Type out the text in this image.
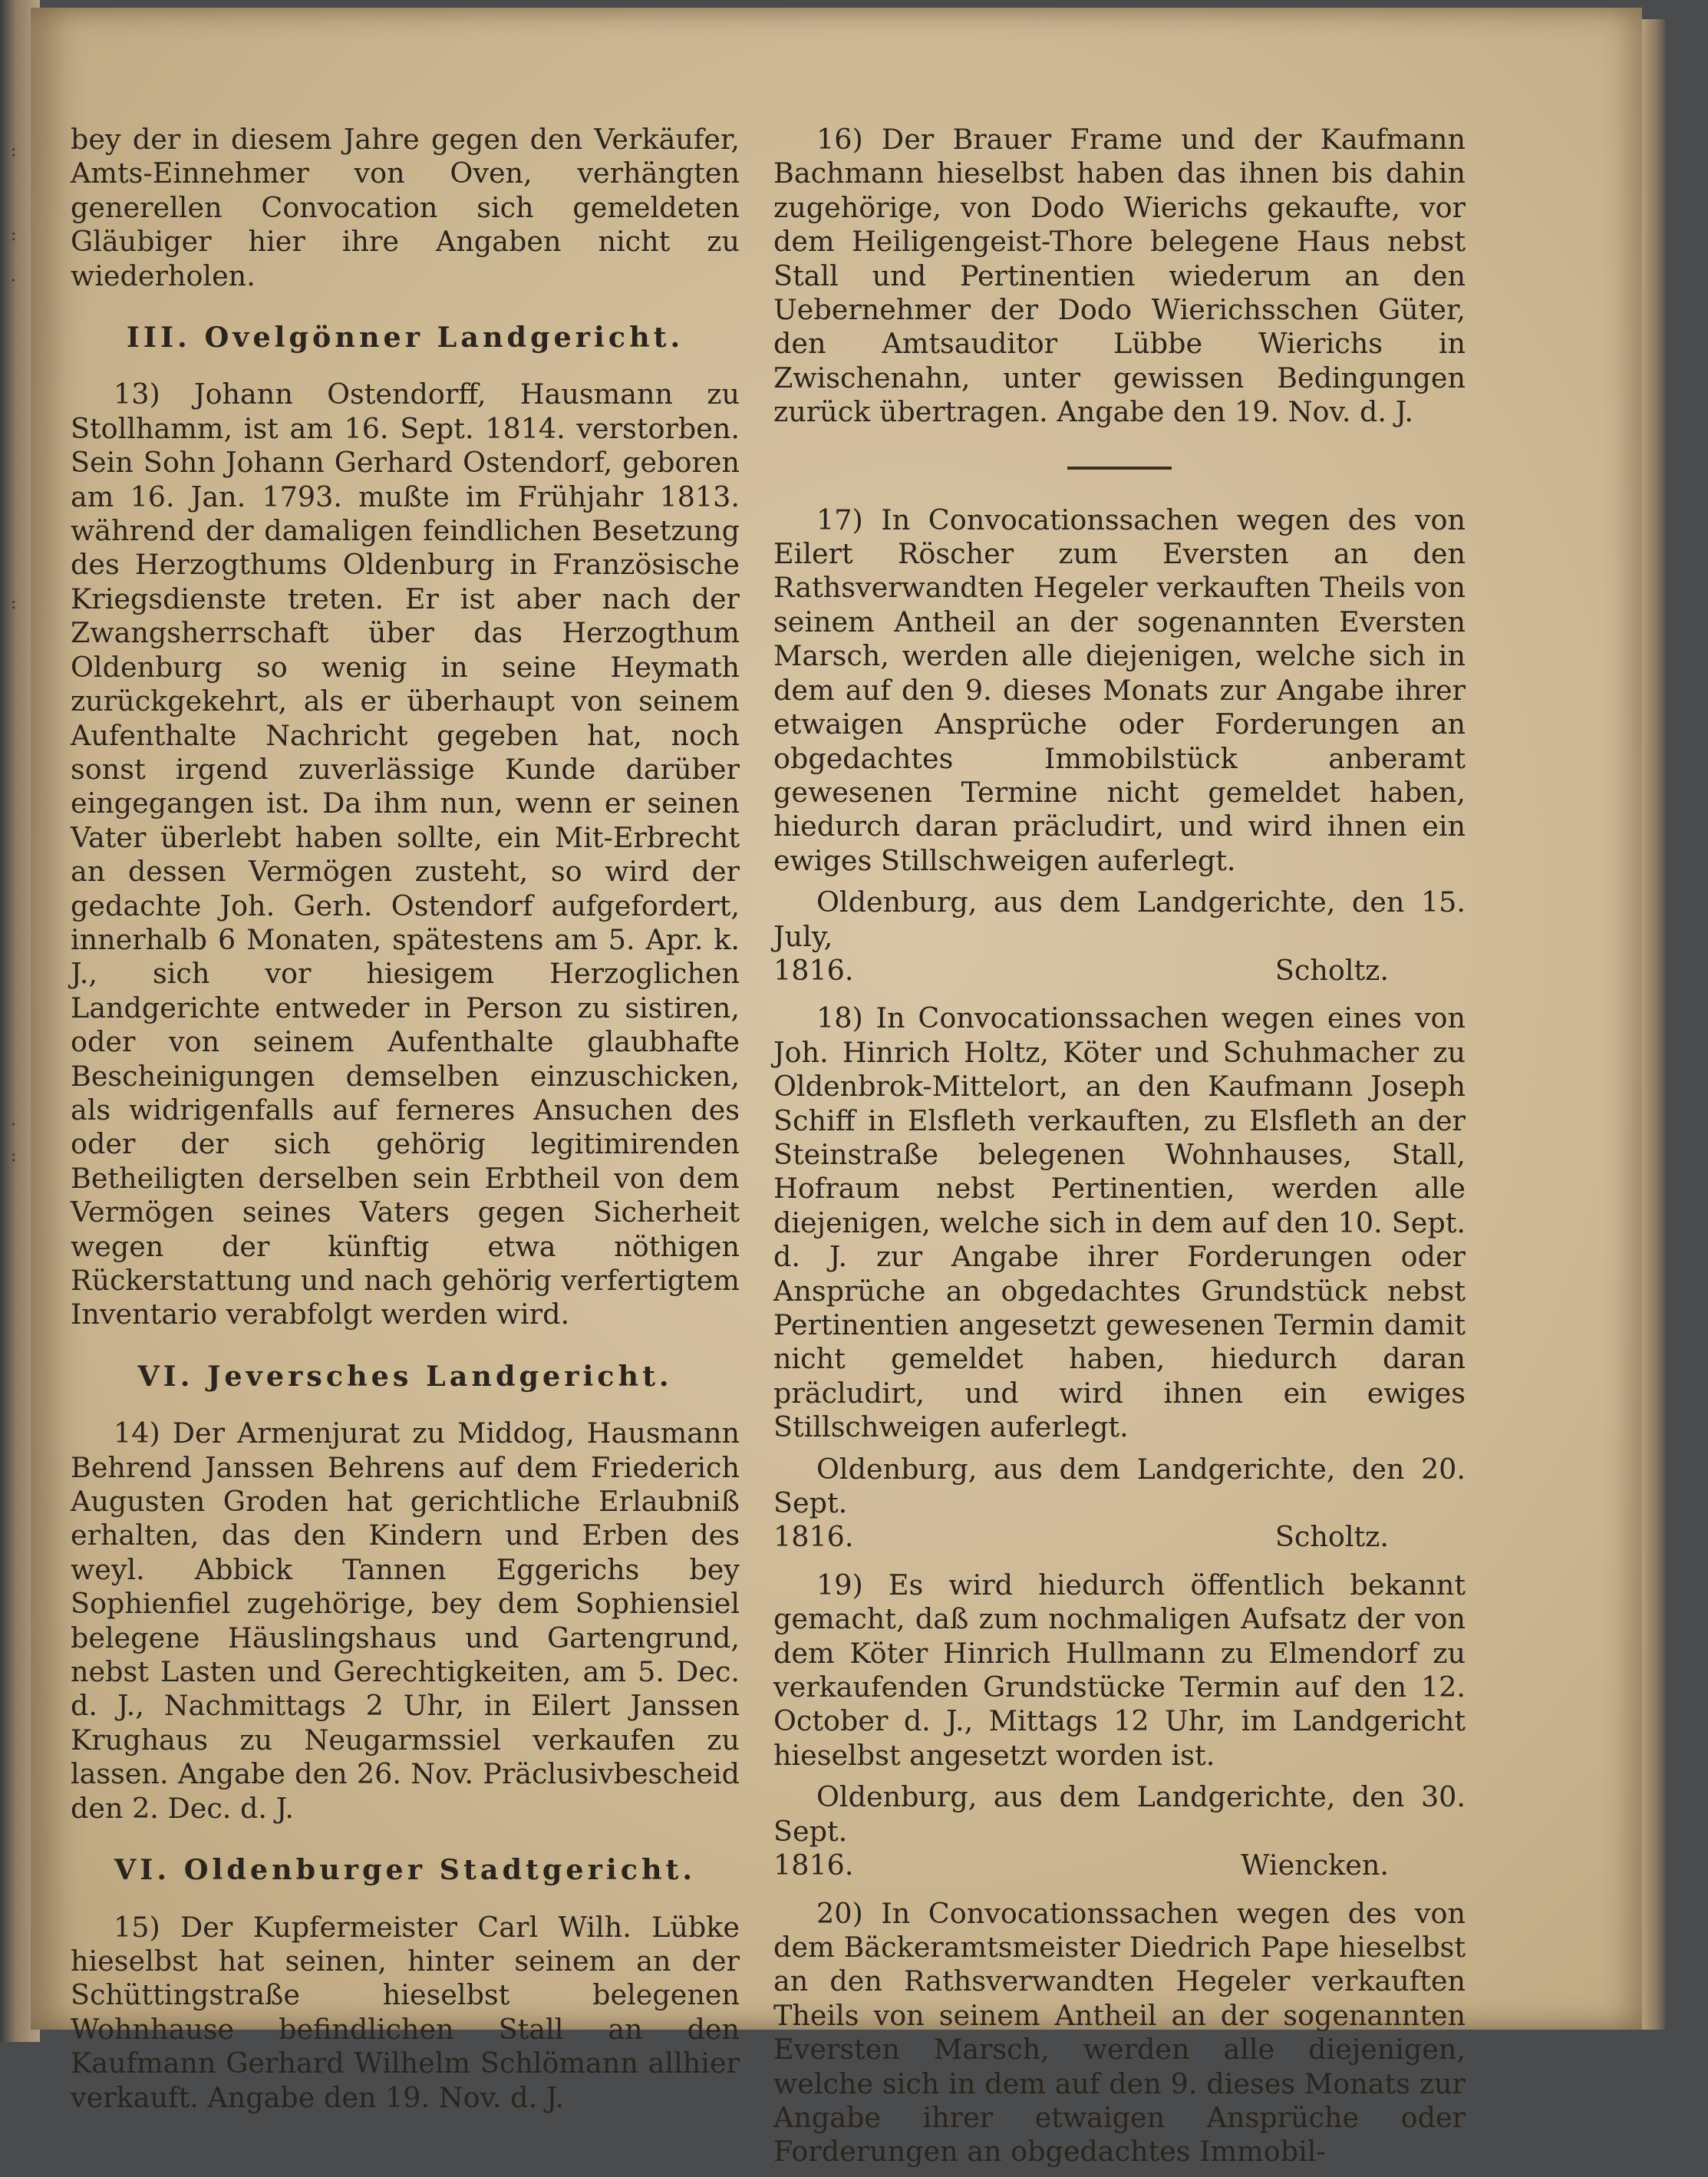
:
:
·
:
·
:

bey der in diesem Jahre gegen den Verkäufer, Amts-Einnehmer von Oven, verhängten generellen Convocation sich gemeldeten Gläubiger hier ihre Angaben nicht zu wiederholen.

III. Ovelgönner Landgericht.

13) Johann Ostendorff, Hausmann zu Stollhamm, ist am 16. Sept. 1814. verstorben. Sein Sohn Johann Gerhard Ostendorf, geboren am 16. Jan. 1793. mußte im Frühjahr 1813. während der damaligen feindlichen Besetzung des Herzogthums Oldenburg in Französische Kriegsdienste treten. Er ist aber nach der Zwangsherrschaft über das Herzogthum Oldenburg so wenig in seine Heymath zurückgekehrt, als er überhaupt von seinem Aufenthalte Nachricht gegeben hat, noch sonst irgend zuverlässige Kunde darüber eingegangen ist. Da ihm nun, wenn er seinen Vater überlebt haben sollte, ein Mit-Erbrecht an dessen Vermögen zusteht, so wird der gedachte Joh. Gerh. Ostendorf aufgefordert, innerhalb 6 Monaten, spätestens am 5. Apr. k. J., sich vor hiesigem Herzoglichen Landgerichte entweder in Person zu sistiren, oder von seinem Aufenthalte glaubhafte Bescheinigungen demselben einzuschicken, als widrigenfalls auf ferneres Ansuchen des oder der sich gehörig legitimirenden Betheiligten derselben sein Erbtheil von dem Vermögen seines Vaters gegen Sicherheit wegen der künftig etwa nöthigen Rückerstattung und nach gehörig verfertigtem Inventario verabfolgt werden wird.

VI. Jeversches Landgericht.

14) Der Armenjurat zu Middog, Hausmann Behrend Janssen Behrens auf dem Friederich Augusten Groden hat gerichtliche Erlaubniß erhalten, das den Kindern und Erben des weyl. Abbick Tannen Eggerichs bey Sophienfiel zugehörige, bey dem Sophiensiel belegene Häuslingshaus und Gartengrund, nebst Lasten und Gerechtigkeiten, am 5. Dec. d. J., Nachmittags 2 Uhr, in Eilert Janssen Krughaus zu Neugarmssiel verkaufen zu lassen. Angabe den 26. Nov. Präclusivbescheid den 2. Dec. d. J.

VI. Oldenburger Stadtgericht.

15) Der Kupfermeister Carl Wilh. Lübke hieselbst hat seinen, hinter seinem an der Schüttingstraße hieselbst belegenen Wohnhause befindlichen Stall an den Kaufmann Gerhard Wilhelm Schlömann allhier verkauft. Angabe den 19. Nov. d. J.

16) Der Brauer Frame und der Kaufmann Bachmann hieselbst haben das ihnen bis dahin zugehörige, von Dodo Wierichs gekaufte, vor dem Heiligengeist-Thore belegene Haus nebst Stall und Pertinentien wiederum an den Uebernehmer der Dodo Wierichsschen Güter, den Amtsauditor Lübbe Wierichs in Zwischenahn, unter gewissen Bedingungen zurück übertragen. Angabe den 19. Nov. d. J.

17) In Convocationssachen wegen des von Eilert Röscher zum Eversten an den Rathsverwandten Hegeler verkauften Theils von seinem Antheil an der sogenannten Eversten Marsch, werden alle diejenigen, welche sich in dem auf den 9. dieses Monats zur Angabe ihrer etwaigen Ansprüche oder Forderungen an obgedachtes Immobilstück anberamt gewesenen Termine nicht gemeldet haben, hiedurch daran präcludirt, und wird ihnen ein ewiges Stillschweigen auferlegt.

Oldenburg, aus dem Landgerichte, den 15. July,

1816.	Scholtz.

18) In Convocationssachen wegen eines von Joh. Hinrich Holtz, Köter und Schuhmacher zu Oldenbrok-Mittelort, an den Kaufmann Joseph Schiff in Elsfleth verkauften, zu Elsfleth an der Steinstraße belegenen Wohnhauses, Stall, Hofraum nebst Pertinentien, werden alle diejenigen, welche sich in dem auf den 10. Sept. d. J. zur Angabe ihrer Forderungen oder Ansprüche an obgedachtes Grundstück nebst Pertinentien angesetzt gewesenen Termin damit nicht gemeldet haben, hiedurch daran präcludirt, und wird ihnen ein ewiges Stillschweigen auferlegt.

Oldenburg, aus dem Landgerichte, den 20. Sept.

1816.	Scholtz.

19) Es wird hiedurch öffentlich bekannt gemacht, daß zum nochmaligen Aufsatz der von dem Köter Hinrich Hullmann zu Elmendorf zu verkaufenden Grundstücke Termin auf den 12. October d. J., Mittags 12 Uhr, im Landgericht hieselbst angesetzt worden ist.

Oldenburg, aus dem Landgerichte, den 30. Sept.

1816.	Wiencken.

20) In Convocationssachen wegen des von dem Bäckeramtsmeister Diedrich Pape hieselbst an den Rathsverwandten Hegeler verkauften Theils von seinem Antheil an der sogenannten Eversten Marsch, werden alle diejenigen, welche sich in dem auf den 9. dieses Monats zur Angabe ihrer etwaigen Ansprüche oder Forderungen an obgedachtes Immobil-
